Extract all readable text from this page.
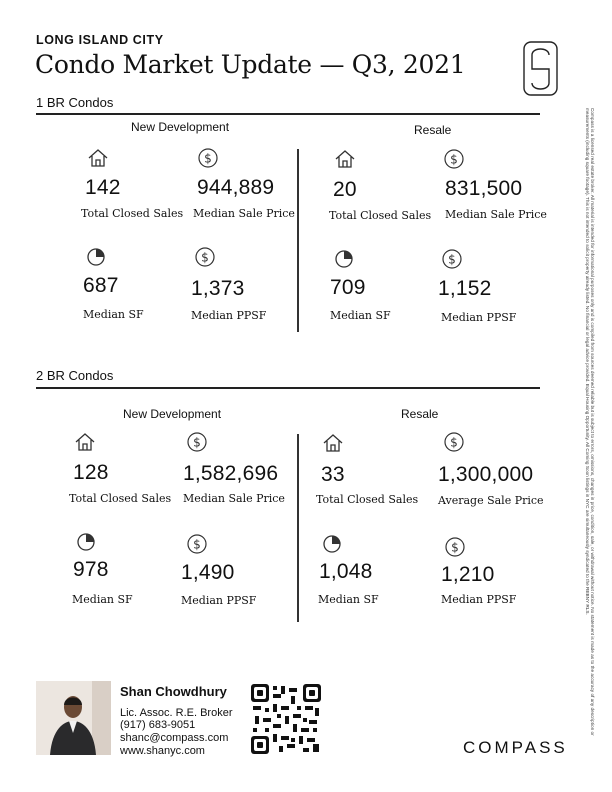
LONG ISLAND CITY
Condo Market Update — Q3, 2021
1 BR Condos
New Development	Resale
142
Total Closed Sales
$
944,889
Median Sale Price
687
Median SF
$
1,373
Median PPSF
20
Total Closed Sales
$
831,500
Median Sale Price
709
Median SF
$
1,152
Median PPSF
2 BR Condos
New Development	Resale
128
Total Closed Sales
$
1,582,696
Median Sale Price
978
Median SF
$
1,490
Median PPSF
33
Total Closed Sales
$
1,300,000
Average Sale Price
1,048
Median SF
$
1,210
Median PPSF
Shan Chowdhury
Lic. Assoc. R.E. Broker
(917) 683-9051
shanc@compass.com
www.shanyc.com	COMPASS
Compass is a licensed real estate broker. All material is intended for informational purposes only and is compiled from sources deemed reliable but is subject to errors, omissions, changes in price, condition, sale, or withdrawal without notice. No statement is made as to the accuracy of any description or measurements (including square footage). This is not intended to solicit property already listed. No financial or legal advice provided. Equal Housing Opportunity. All Coming Soon listings in NYC are simultaneously syndicated to the REBNY RLS.
